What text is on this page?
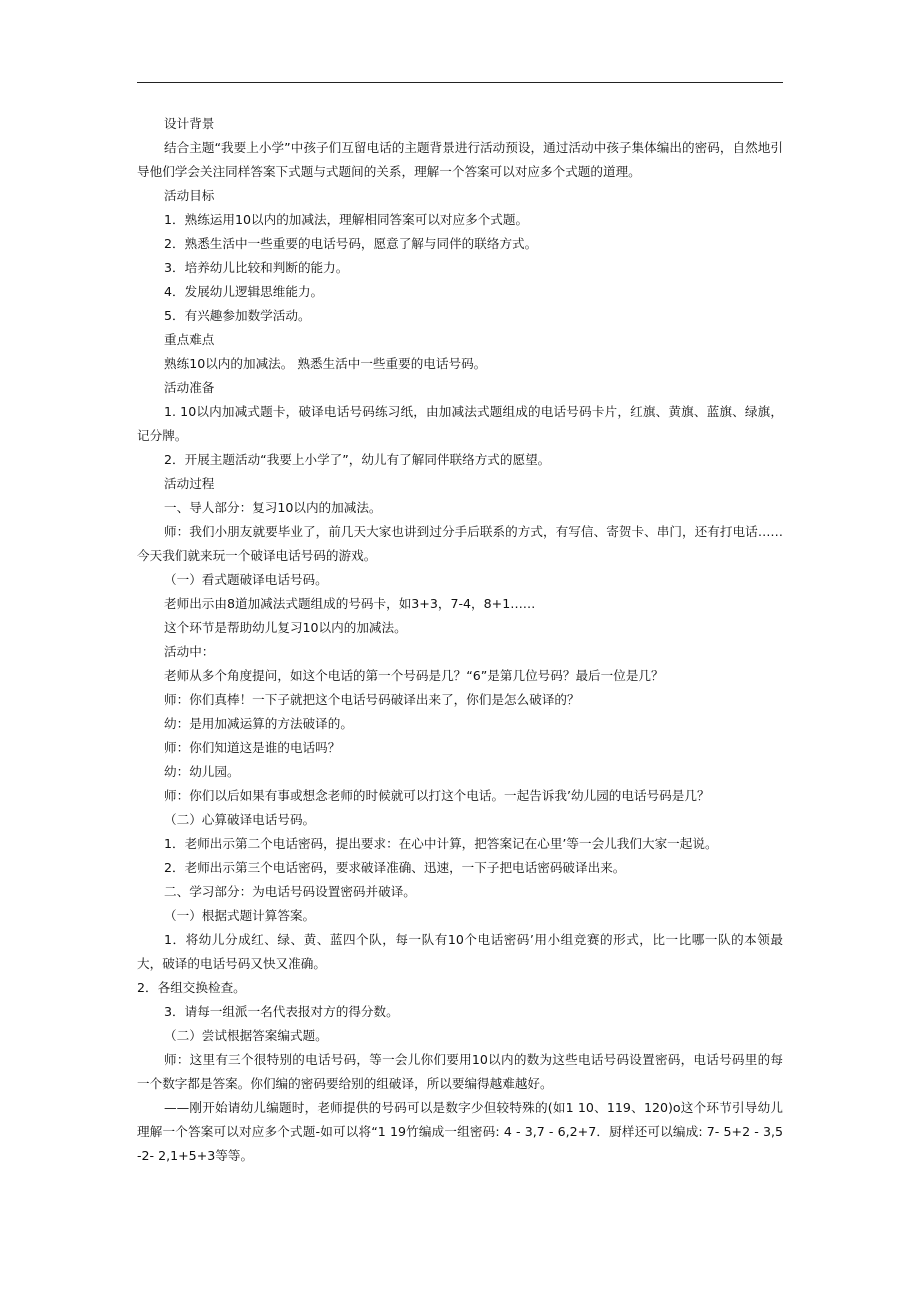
设计背景

结合主题“我要上小学”中孩子们互留电话的主题背景进行活动预设，通过活动中孩子集体编出的密码，自然地引导他们学会关注同样答案下式题与式题间的关系，理解一个答案可以对应多个式题的道理。

活动目标

1．熟练运用10以内的加减法，理解相同答案可以对应多个式题。

2．熟悉生活中一些重要的电话号码，愿意了解与同伴的联络方式。

3．培养幼儿比较和判断的能力。

4．发展幼儿逻辑思维能力。

5．有兴趣参加数学活动。

重点难点

熟练10以内的加减法。 熟悉生活中一些重要的电话号码。

活动准备

1. 10以内加减式题卡，破译电话号码练习纸，由加减法式题组成的电话号码卡片，红旗、黄旗、蓝旗、绿旗，记分牌。

2．开展主题活动“我要上小学了”，幼儿有了解同伴联络方式的愿望。

活动过程

一、导人部分：复习10以内的加减法。

师：我们小朋友就要毕业了，前几天大家也讲到过分手后联系的方式，有写信、寄贺卡、串门，还有打电话……今天我们就来玩一个破译电话号码的游戏。

（一）看式题破译电话号码。

老师出示由8道加减法式题组成的号码卡，如3+3，7-4，8+1……

这个环节是帮助幼儿复习10以内的加减法。

活动中：

老师从多个角度提问，如这个电话的第一个号码是几？“6”是第几位号码？最后一位是几？

师：你们真棒！一下子就把这个电话号码破译出来了，你们是怎么破译的？

幼：是用加减运算的方法破译的。

师：你们知道这是谁的电话吗？

幼：幼儿园。

师：你们以后如果有事或想念老师的时候就可以打这个电话。一起告诉我’幼儿园的电话号码是几？

（二）心算破译电话号码。

1．老师出示第二个电话密码，提出要求：在心中计算，把答案记在心里’等一会儿我们大家一起说。

2．老师出示第三个电话密码，要求破译准确、迅速，一下子把电话密码破译出来。

二、学习部分：为电话号码设置密码并破译。

（一）根据式题计算答案。

1．将幼儿分成红、绿、黄、蓝四个队，每一队有10个电话密码’用小组竞赛的形式，比一比哪一队的本领最大，破译的电话号码又快又准确。

2．各组交换检查。

3．请每一组派一名代表报对方的得分数。

（二）尝试根据答案编式题。

师：这里有三个很特别的电话号码，等一会儿你们要用10以内的数为这些电话号码设置密码，电话号码里的每一个数字都是答案。你们编的密码要给别的组破译，所以要编得越难越好。

——刚开始请幼儿编题时，老师提供的号码可以是数字少但较特殊的(如1 10、119、120)o这个环节引导幼儿理解一个答案可以对应多个式题-如可以将“1 19竹编成一组密码: 4 - 3,7 - 6,2+7．厨样还可以编成: 7- 5+2 - 3,5 -2- 2,1+5+3等等。
